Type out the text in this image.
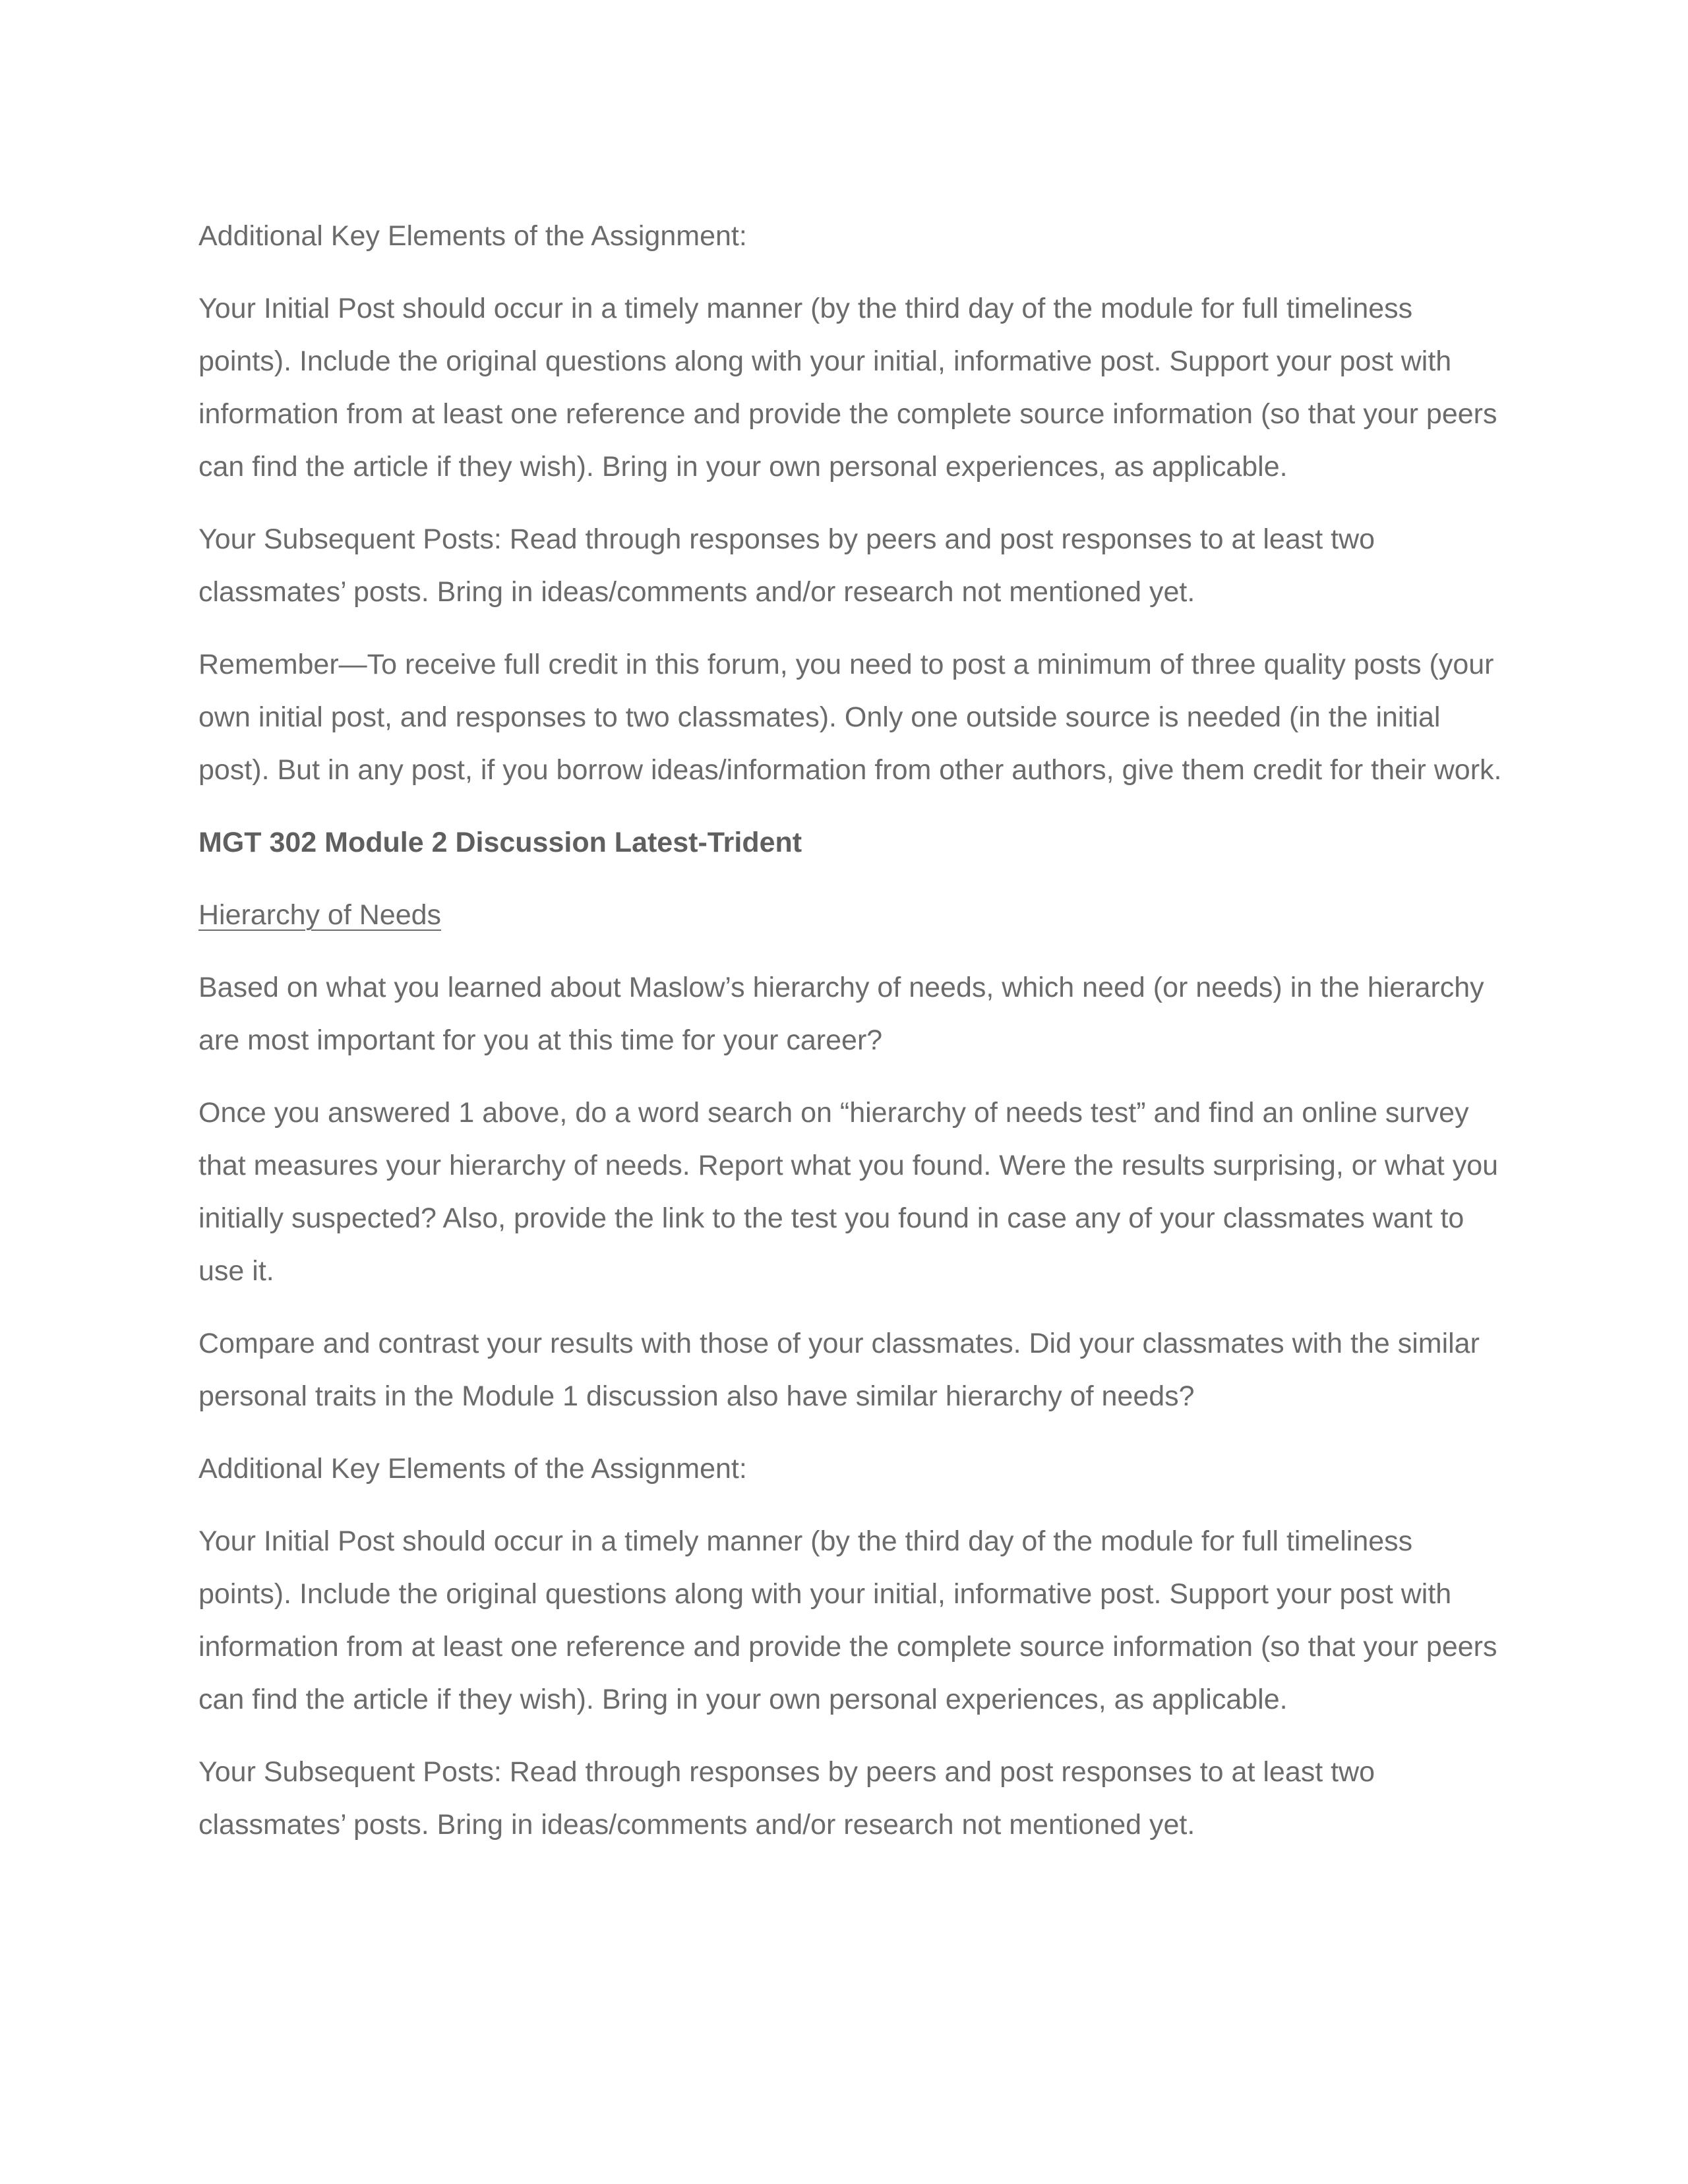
Additional Key Elements of the Assignment:

Your Initial Post should occur in a timely manner (by the third day of the module for full timeliness points). Include the original questions along with your initial, informative post. Support your post with information from at least one reference and provide the complete source information (so that your peers can find the article if they wish). Bring in your own personal experiences, as applicable.

Your Subsequent Posts: Read through responses by peers and post responses to at least two classmates’ posts. Bring in ideas/comments and/or research not mentioned yet.

Remember—To receive full credit in this forum, you need to post a minimum of three quality posts (your own initial post, and responses to two classmates). Only one outside source is needed (in the initial post). But in any post, if you borrow ideas/information from other authors, give them credit for their work.

MGT 302 Module 2 Discussion Latest-Trident

Hierarchy of Needs

Based on what you learned about Maslow’s hierarchy of needs, which need (or needs) in the hierarchy are most important for you at this time for your career?

Once you answered 1 above, do a word search on “hierarchy of needs test” and find an online survey that measures your hierarchy of needs. Report what you found. Were the results surprising, or what you initially suspected? Also, provide the link to the test you found in case any of your classmates want to use it.

Compare and contrast your results with those of your classmates. Did your classmates with the similar personal traits in the Module 1 discussion also have similar hierarchy of needs?

Additional Key Elements of the Assignment:

Your Initial Post should occur in a timely manner (by the third day of the module for full timeliness points). Include the original questions along with your initial, informative post. Support your post with information from at least one reference and provide the complete source information (so that your peers can find the article if they wish). Bring in your own personal experiences, as applicable.

Your Subsequent Posts: Read through responses by peers and post responses to at least two classmates’ posts. Bring in ideas/comments and/or research not mentioned yet.
